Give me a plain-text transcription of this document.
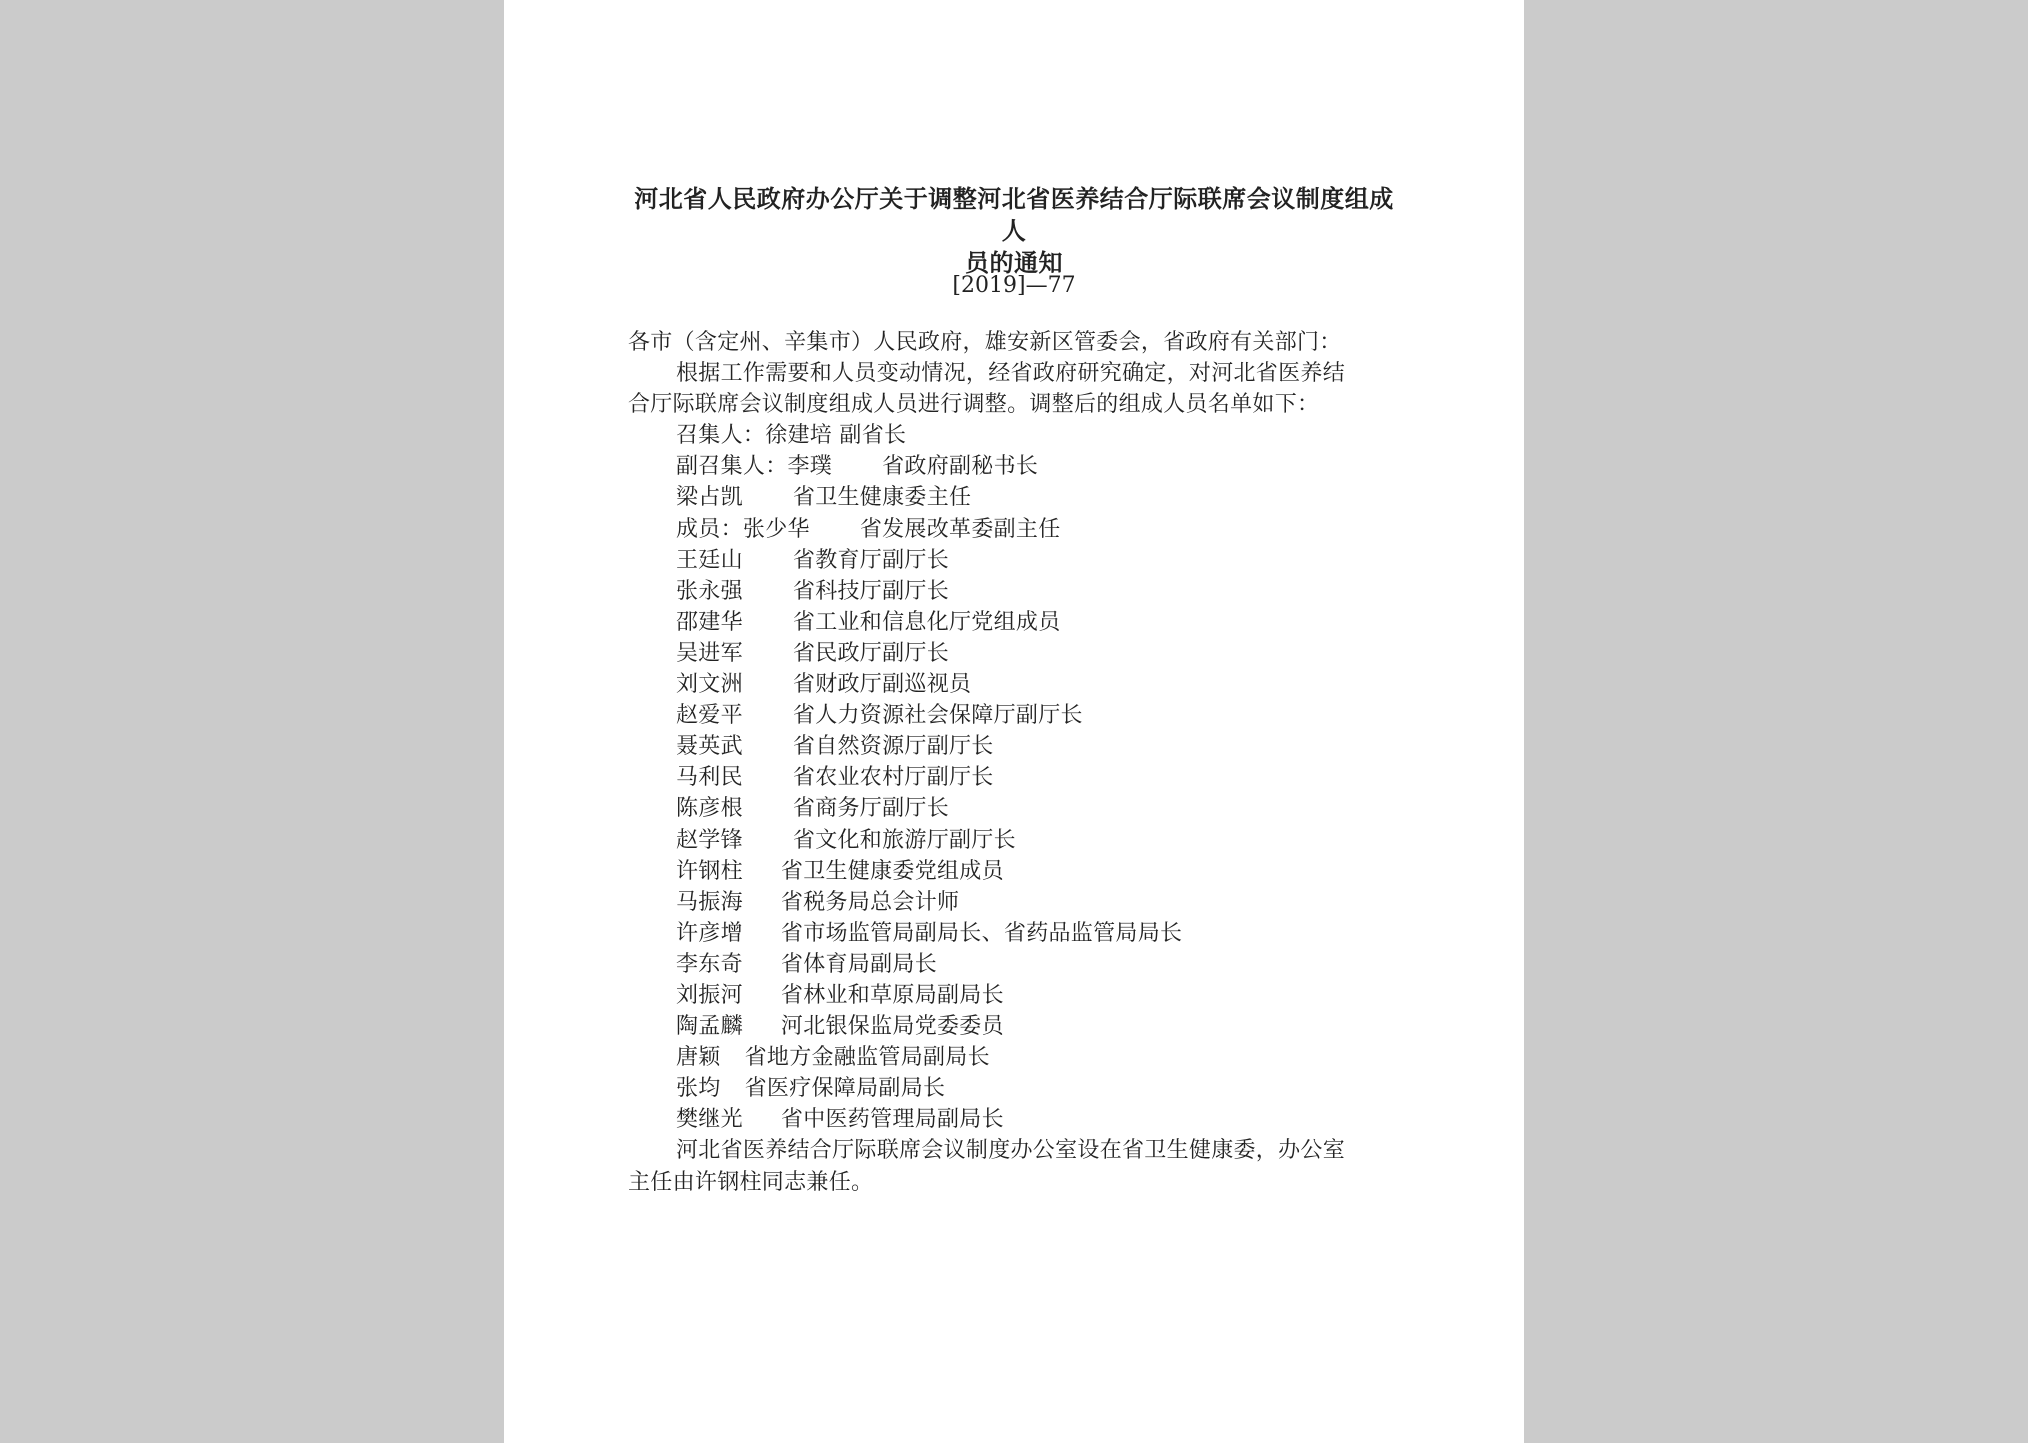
河北省人民政府办公厅关于调整河北省医养结合厅际联席会议制度组成人
员的通知
[2019]—77
各市（含定州、辛集市）人民政府，雄安新区管委会，省政府有关部门：
根据工作需要和人员变动情况，经省政府研究确定，对河北省医养结
合厅际联席会议制度组成人员进行调整。调整后的组成人员名单如下：
召集人：徐建培 副省长
副召集人：李璞 省政府副秘书长
梁占凯 省卫生健康委主任
成员：张少华 省发展改革委副主任
王廷山 省教育厅副厅长
张永强 省科技厅副厅长
邵建华 省工业和信息化厅党组成员
吴进军 省民政厅副厅长
刘文洲 省财政厅副巡视员
赵爱平 省人力资源社会保障厅副厅长
聂英武 省自然资源厅副厅长
马利民 省农业农村厅副厅长
陈彦根 省商务厅副厅长
赵学锋 省文化和旅游厅副厅长
许钢柱 省卫生健康委党组成员
马振海 省税务局总会计师
许彦增 省市场监管局副局长、省药品监管局局长
李东奇 省体育局副局长
刘振河 省林业和草原局副局长
陶孟麟 河北银保监局党委委员
唐颖 省地方金融监管局副局长
张均 省医疗保障局副局长
樊继光 省中医药管理局副局长
河北省医养结合厅际联席会议制度办公室设在省卫生健康委，办公室
主任由许钢柱同志兼任。
